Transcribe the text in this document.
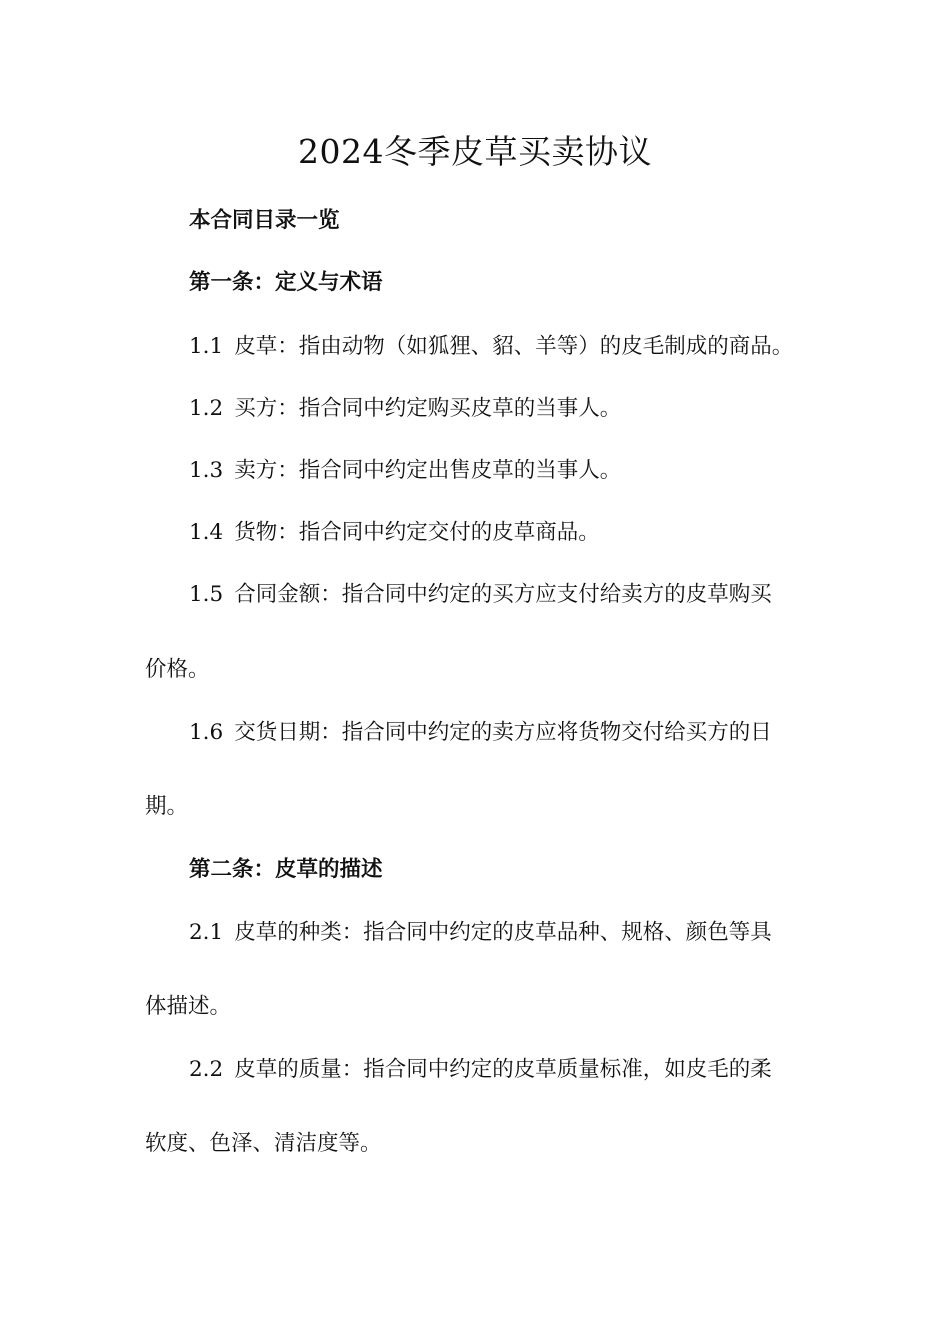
2024冬季皮草买卖协议

本合同目录一览

第一条：定义与术语

1.1 皮草：指由动物（如狐狸、貂、羊等）的皮毛制成的商品。

1.2 买方：指合同中约定购买皮草的当事人。

1.3 卖方：指合同中约定出售皮草的当事人。

1.4 货物：指合同中约定交付的皮草商品。

1.5 合同金额：指合同中约定的买方应支付给卖方的皮草购买

价格。

1.6 交货日期：指合同中约定的卖方应将货物交付给买方的日

期。

第二条：皮草的描述

2.1 皮草的种类：指合同中约定的皮草品种、规格、颜色等具

体描述。

2.2 皮草的质量：指合同中约定的皮草质量标准，如皮毛的柔

软度、色泽、清洁度等。
